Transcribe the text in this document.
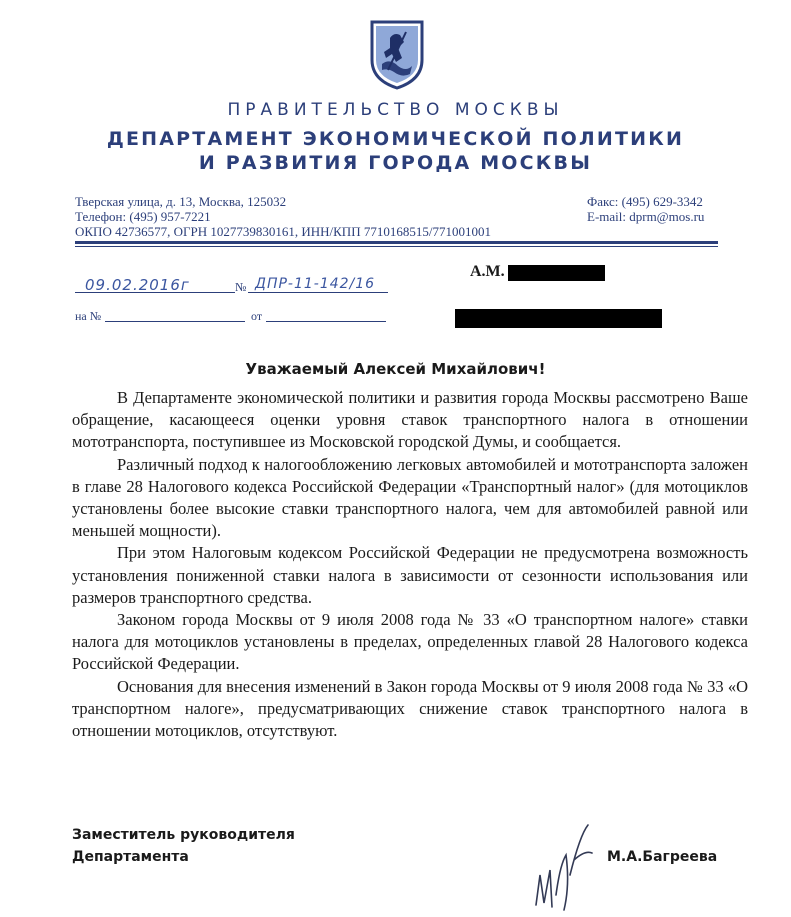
ПРАВИТЕЛЬСТВО МОСКВЫ
ДЕПАРТАМЕНТ ЭКОНОМИЧЕСКОЙ ПОЛИТИКИ
И РАЗВИТИЯ ГОРОДА МОСКВЫ
Тверская улица, д. 13, Москва, 125032
Телефон: (495) 957-7221
ОКПО 42736577, ОГРН 1027739830161, ИНН/КПП 7710168515/771001001
Факс: (495) 629-3342
E-mail: dprm@mos.ru
09.02.2016г	№ ДПР-11-142/16
на №	от
А.М.
Уважаемый Алексей Михайлович!

В Департаменте экономической политики и развития города Москвы рассмотрено Ваше обращение, касающееся оценки уровня ставок транспортного налога в отношении мототранспорта, поступившее из Московской городской Думы, и сообщается.

Различный подход к налогообложению легковых автомобилей и мототранспорта заложен в главе 28 Налогового кодекса Российской Федерации «Транспортный налог» (для мотоциклов установлены более высокие ставки транспортного налога, чем для автомобилей равной или меньшей мощности).

При этом Налоговым кодексом Российской Федерации не предусмотрена возможность установления пониженной ставки налога в зависимости от сезонности использования или размеров транспортного средства.

Законом города Москвы от 9 июля 2008 года № 33 «О транспортном налоге» ставки налога для мотоциклов установлены в пределах, определенных главой 28 Налогового кодекса Российской Федерации.

Основания для внесения изменений в Закон города Москвы от 9 июля 2008 года № 33 «О транспортном налоге», предусматривающих снижение ставок транспортного налога в отношении мотоциклов, отсутствуют.

Заместитель руководителя
Департамента	М.А.Багреева
